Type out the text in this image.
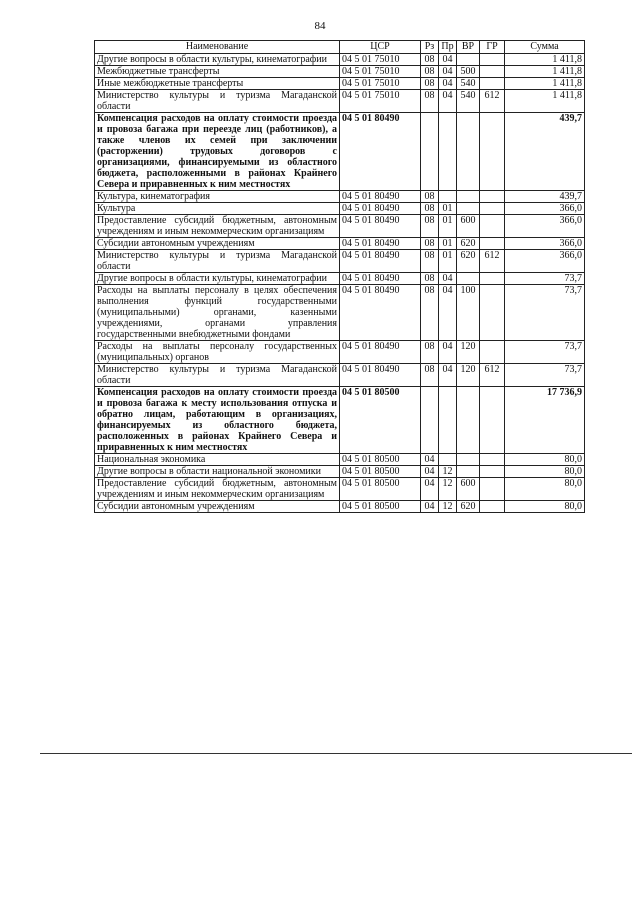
84
Наименование	ЦСР	Рз	Пр	ВР	ГР	Сумма
Другие вопросы в области культуры, кинематографии	04 5 01 75010	08	04			1 411,8
Межбюджетные трансферты	04 5 01 75010	08	04	500		1 411,8
Иные межбюджетные трансферты	04 5 01 75010	08	04	540		1 411,8
Министерство культуры и туризма Магаданской области	04 5 01 75010	08	04	540	612	1 411,8
Компенсация расходов на оплату стоимости проезда и провоза багажа при переезде лиц (работников), а также членов их семей при заключении (расторжении) трудовых договоров с организациями, финансируемыми из областного бюджета, расположенными в районах Крайнего Севера и приравненных к ним местностях	04 5 01 80490					439,7
Культура, кинематография	04 5 01 80490	08				439,7
Культура	04 5 01 80490	08	01			366,0
Предоставление субсидий бюджетным, автономным учреждениям и иным некоммерческим организациям	04 5 01 80490	08	01	600		366,0
Субсидии автономным учреждениям	04 5 01 80490	08	01	620		366,0
Министерство культуры и туризма Магаданской области	04 5 01 80490	08	01	620	612	366,0
Другие вопросы в области культуры, кинематографии	04 5 01 80490	08	04			73,7
Расходы на выплаты персоналу в целях обеспечения выполнения функций государственными (муниципальными) органами, казенными учреждениями, органами управления государственными внебюджетными фондами	04 5 01 80490	08	04	100		73,7
Расходы на выплаты персоналу государственных (муниципальных) органов	04 5 01 80490	08	04	120		73,7
Министерство культуры и туризма Магаданской области	04 5 01 80490	08	04	120	612	73,7
Компенсация расходов на оплату стоимости проезда и провоза багажа к месту использования отпуска и обратно лицам, работающим в организациях, финансируемых из областного бюджета, расположенных в районах Крайнего Севера и приравненных к ним местностях	04 5 01 80500					17 736,9
Национальная экономика	04 5 01 80500	04				80,0
Другие вопросы в области национальной экономики	04 5 01 80500	04	12			80,0
Предоставление субсидий бюджетным, автономным учреждениям и иным некоммерческим организациям	04 5 01 80500	04	12	600		80,0
Субсидии автономным учреждениям	04 5 01 80500	04	12	620		80,0
